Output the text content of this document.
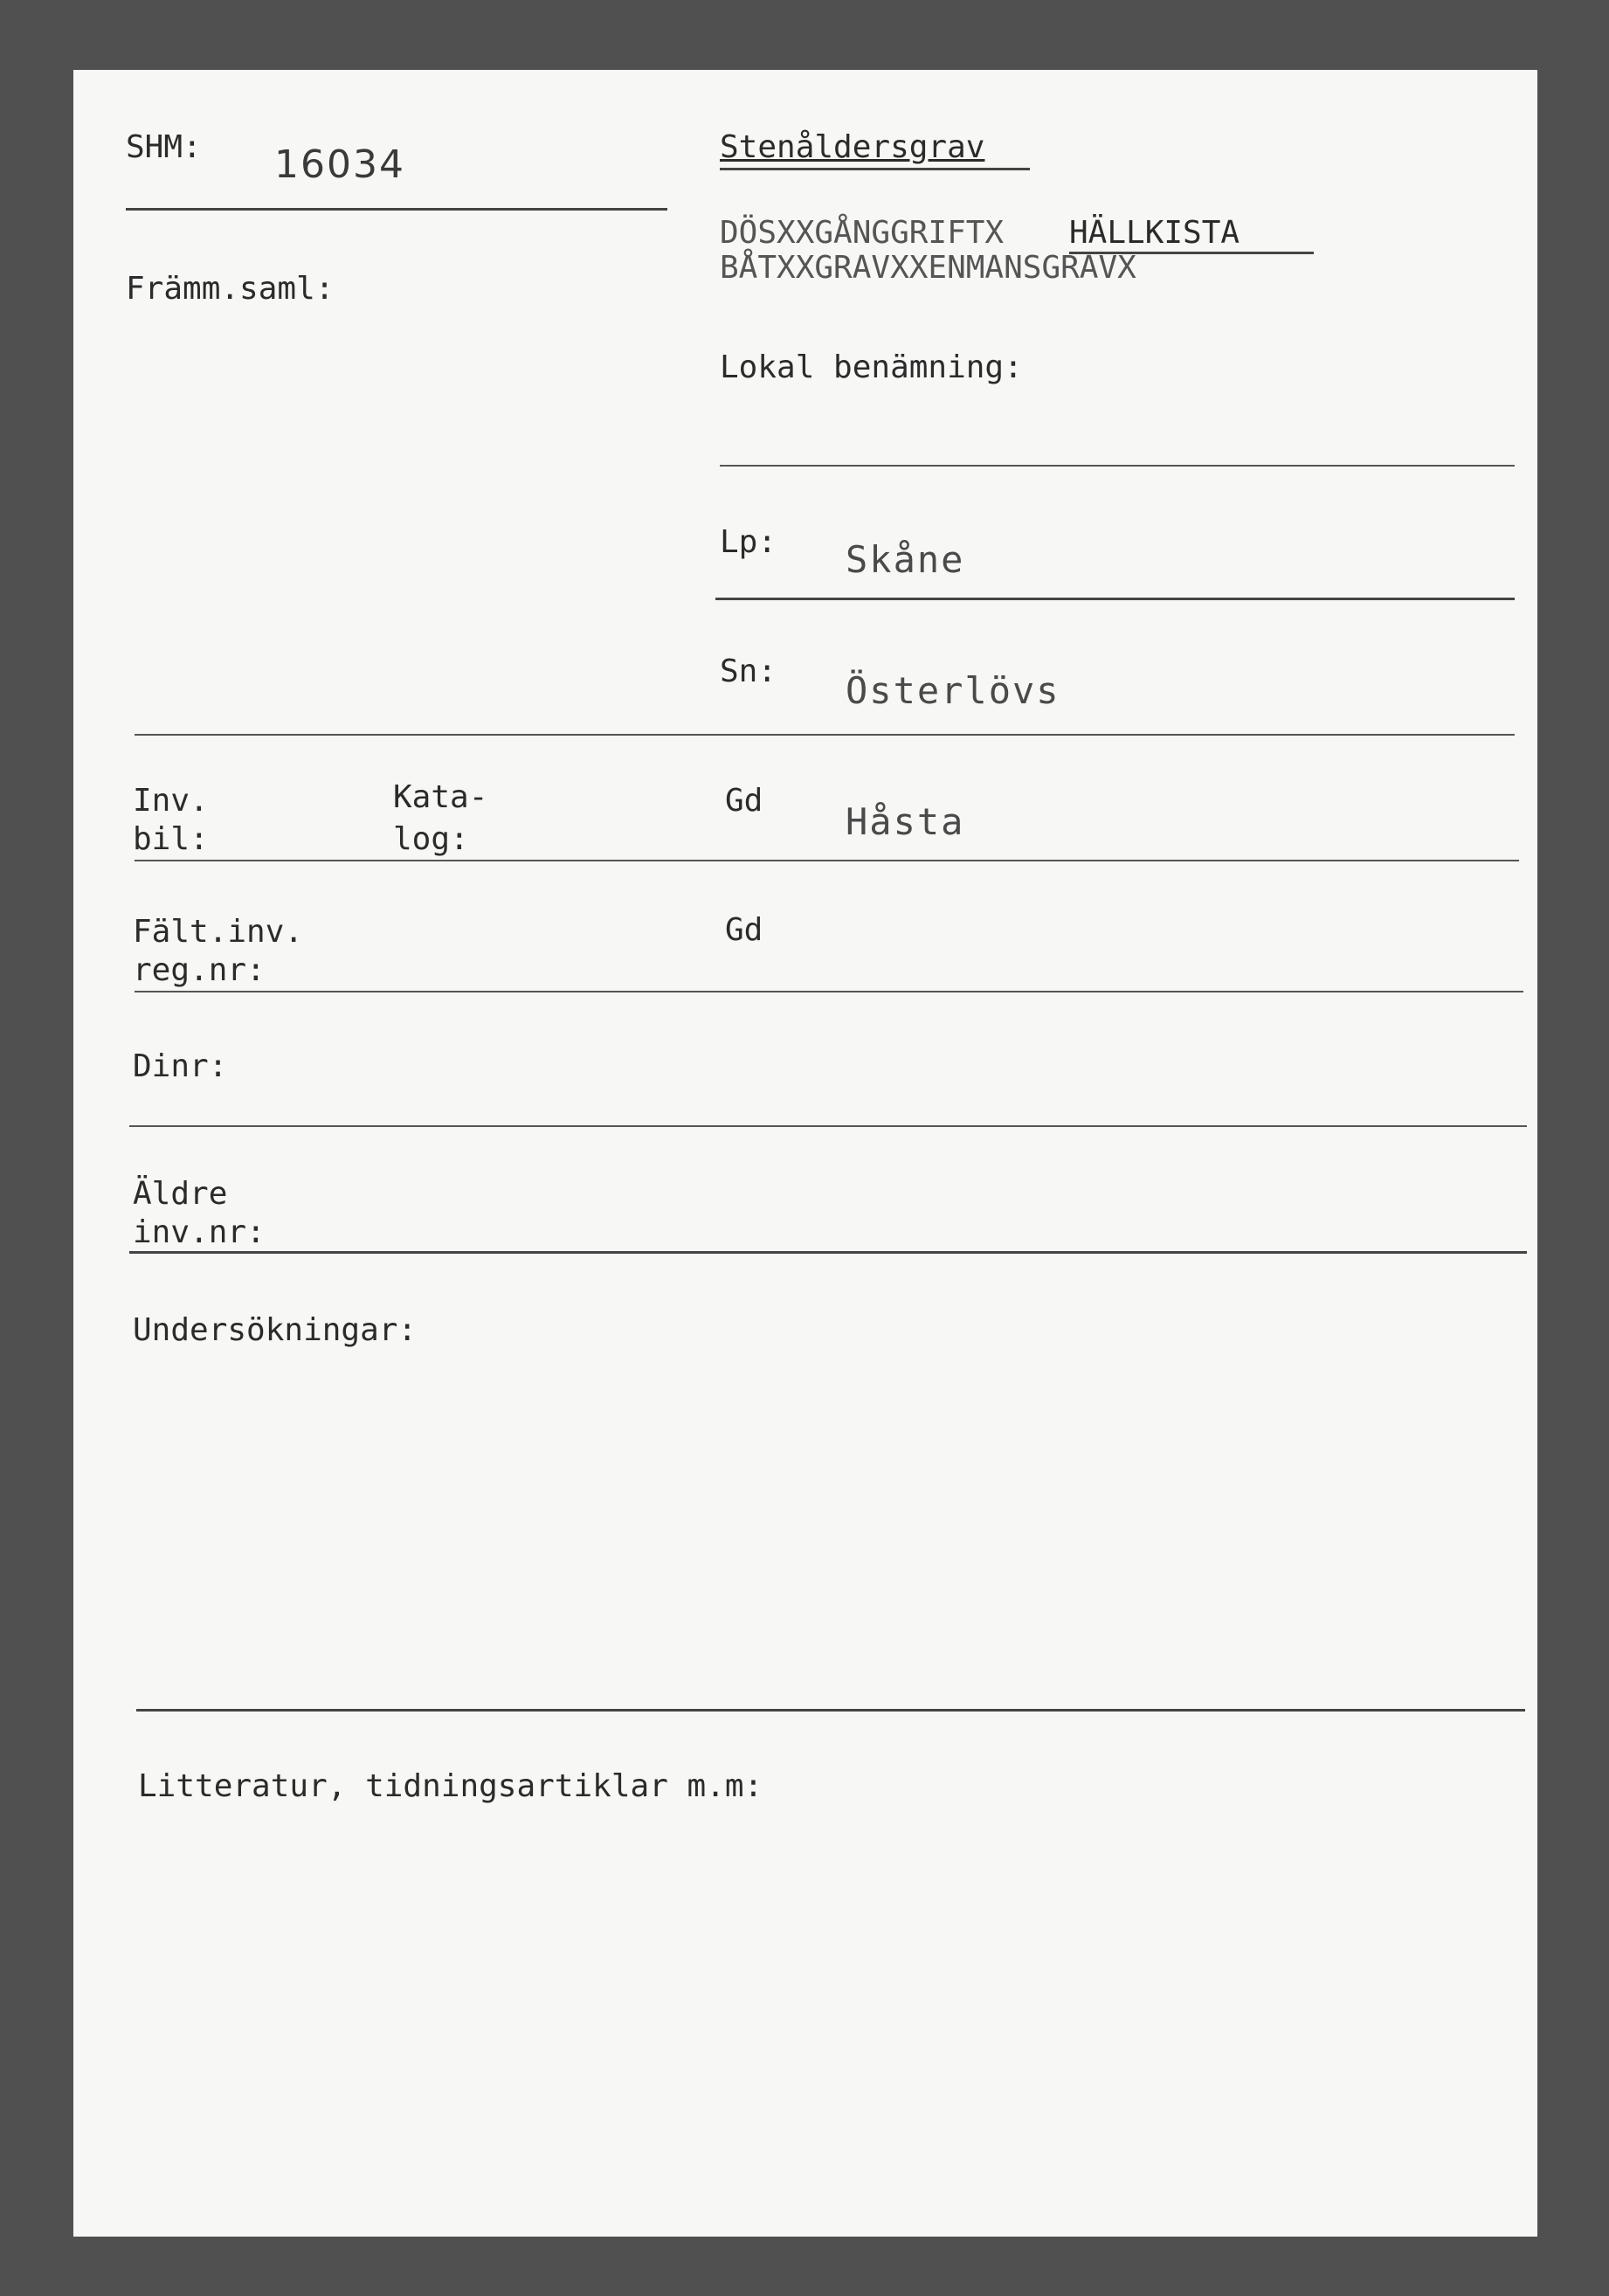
SHM: 16034
Främm.saml:
Stenåldersgrav
DÖSXXGÅNGGRIFTX HÄLLKISTA
BÅTXXGRAVXXENMANSGRAVX
Lokal benämning:
Lp: Skåne
Sn: Österlövs
Inv.
bil:
Kata-
log:
Gd Håsta
Fält.inv.
reg.nr:
Gd
Dinr:
Äldre
inv.nr:
Undersökningar:
Litteratur, tidningsartiklar m.m:
